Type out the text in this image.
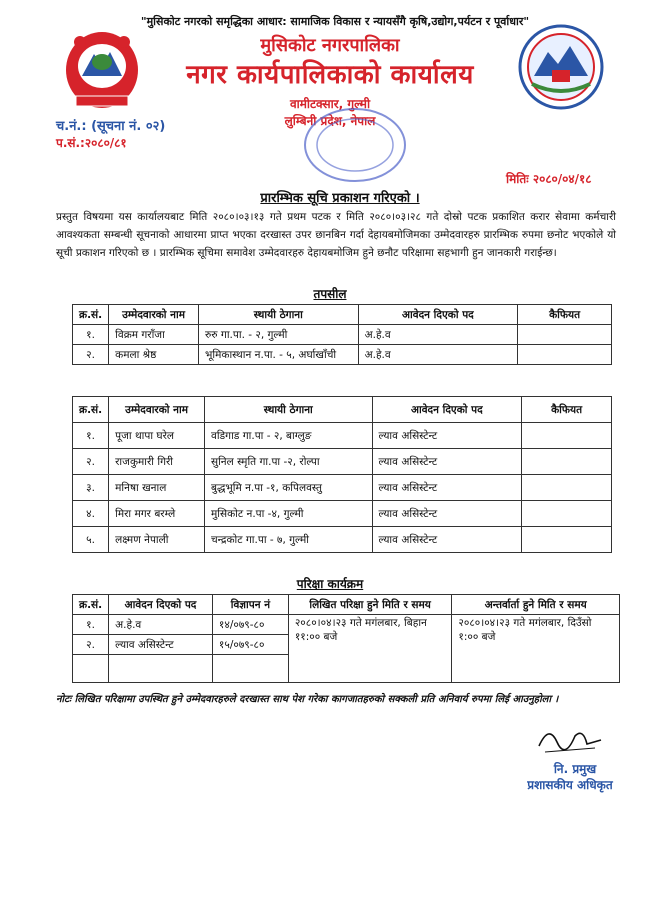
"मुसिकोट नगरको समृद्धिका आधार: सामाजिक विकास र न्यायसँगै कृषि,उद्योग,पर्यटन र पूर्वाधार"
मुसिकोट नगरपालिका
नगर कार्यपालिकाको कार्यालय
वामीटक्सार, गुल्मी
लुम्बिनी प्रदेश, नेपाल
च.नं.: (सूचना नं. ०२)
प.सं.:२०८०/८१
मितिः २०८०/०४/१८
प्रारम्भिक सूचि प्रकाशन गरिएको ।
प्रस्तुत विषयमा यस कार्यालयबाट मिति २०८०।०३।१३ गते प्रथम पटक र मिति २०८०।०३।२८ गते दोस्रो पटक प्रकाशित करार सेवामा कर्मचारी आवश्यकता सम्बन्धी सूचनाको आधारमा प्राप्त भएका दरखास्त उपर छानबिन गर्दा देहायबमोजिमका उम्मेदवारहरु प्रारम्भिक रुपमा छनोट भएकोले यो सूची प्रकाशन गरिएको छ । प्रारम्भिक सूचिमा समावेश उम्मेदवारहरु देहायबमोजिम हुने छनौट परिक्षामा सहभागी हुन जानकारी गराईन्छ।
तपसील
क्र.सं.	उम्मेदवारको नाम	स्थायी ठेगाना	आवेदन दिएको पद	कैफियत
१.	विक्रम गराँजा	रुरु गा.पा. - २, गुल्मी	अ.हे.व	
२.	कमला श्रेष्ठ	भूमिकास्थान न.पा. - ५, अर्घाखाँची	अ.हे.व	
क्र.सं.	उम्मेदवारको नाम	स्थायी ठेगाना	आवेदन दिएको पद	कैफियत
१.	पूजा थापा घरेल	वडिगाड गा.पा - २, बाग्लुङ	ल्याव असिस्टेन्ट	
२.	राजकुमारी गिरी	सुनिल स्मृति गा.पा -२, रोल्पा	ल्याव असिस्टेन्ट	
३.	मनिषा खनाल	बुद्धभूमि न.पा -१, कपिलवस्तु	ल्याव असिस्टेन्ट	
४.	मिरा मगर बरम्ले	मुसिकोट न.पा -४, गुल्मी	ल्याव असिस्टेन्ट	
५.	लक्ष्मण नेपाली	चन्द्रकोट गा.पा - ७, गुल्मी	ल्याव असिस्टेन्ट	
परिक्षा कार्यक्रम
क्र.सं.	आवेदन दिएको पद	विज्ञापन नं	लिखित परिक्षा हुने मिति र समय	अन्तर्वार्ता हुने मिति र समय
१.	अ.हे.व	१४/०७९-८०	२०८०।०४।२३ गते मगंलबार, बिहान ११:०० बजे	२०८०।०४।२३ गते मगंलबार, दिउँसो १:०० बजे
२.	ल्याव असिस्टेन्ट	१५/०७९-८०		

नोटः लिखित परिक्षामा उपस्थित हुने उम्मेदवारहरुले दरखास्त साथ पेश गरेका कागजातहरुको सक्कली प्रति अनिवार्य रुपमा लिई आउनुहोला ।
नि. प्रमुख
प्रशासकीय अधिकृत
